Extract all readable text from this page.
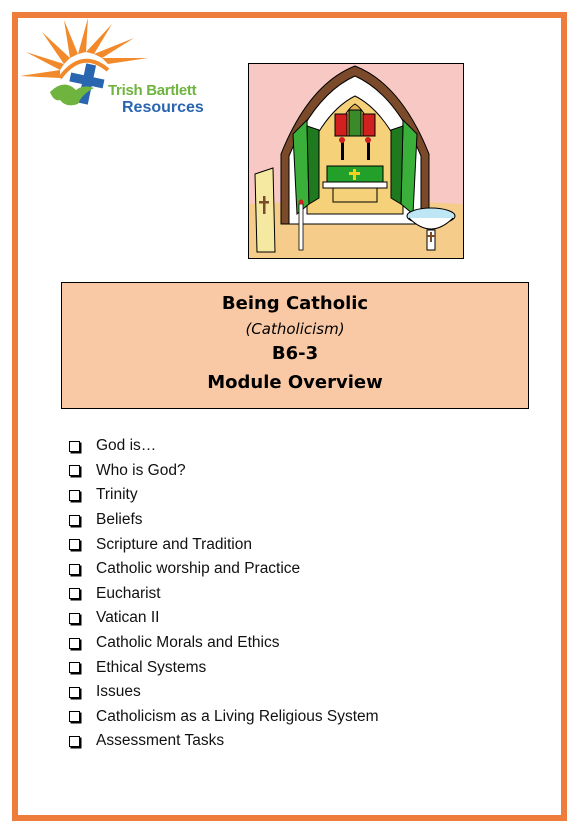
Trish Bartlett
Resources
Being Catholic
(Catholicism)
B6-3
Module Overview
God is…
Who is God?
Trinity
Beliefs
Scripture and Tradition
Catholic worship and Practice
Eucharist
Vatican II
Catholic Morals and Ethics
Ethical Systems
Issues
Catholicism as a Living Religious System
Assessment Tasks
